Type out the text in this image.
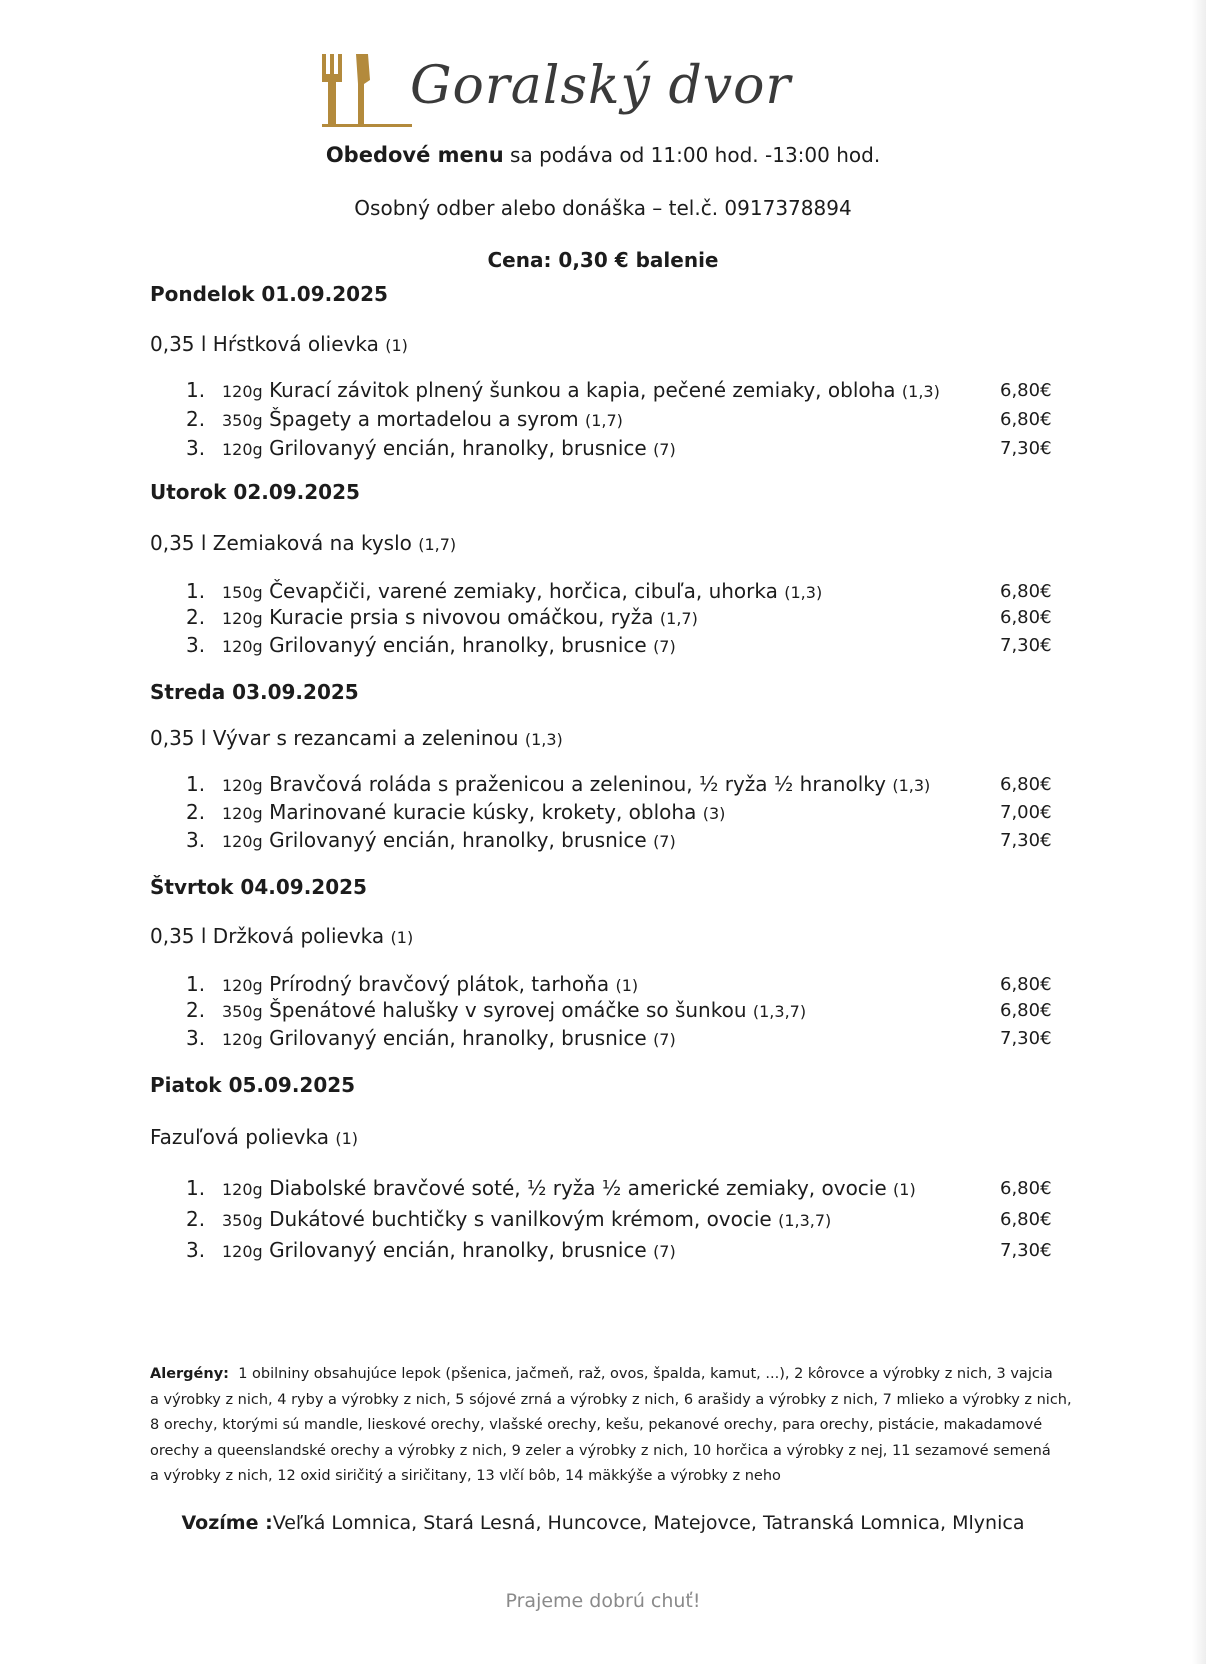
Goralský dvor
Obedové menu sa podáva od 11:00 hod. -13:00 hod.
Osobný odber alebo donáška – tel.č. 0917378894
Cena: 0,30 € balenie
Pondelok 01.09.2025
0,35 l Hŕstková olievka (1)
1.	120g Kurací závitok plnený šunkou a kapia, pečené zemiaky, obloha (1,3)	6,80€
2.	350g Špagety a mortadelou a syrom (1,7)	6,80€
3.	120g Grilovanyý encián, hranolky, brusnice (7)	7,30€
Utorok 02.09.2025
0,35 l Zemiaková na kyslo (1,7)
1.	150g Čevapčiči, varené zemiaky, horčica, cibuľa, uhorka (1,3)	6,80€
2.	120g Kuracie prsia s nivovou omáčkou, ryža (1,7)	6,80€
3.	120g Grilovanyý encián, hranolky, brusnice (7)	7,30€
Streda 03.09.2025
0,35 l Vývar s rezancami a zeleninou (1,3)
1.	120g Bravčová roláda s praženicou a zeleninou, ½ ryža ½ hranolky (1,3)	6,80€
2.	120g Marinované kuracie kúsky, krokety, obloha (3)	7,00€
3.	120g Grilovanyý encián, hranolky, brusnice (7)	7,30€
Štvrtok 04.09.2025
0,35 l Držková polievka (1)
1.	120g Prírodný bravčový plátok, tarhoňa (1)	6,80€
2.	350g Špenátové halušky v syrovej omáčke so šunkou (1,3,7)	6,80€
3.	120g Grilovanyý encián, hranolky, brusnice (7)	7,30€
Piatok 05.09.2025
Fazuľová polievka (1)
1.	120g Diabolské bravčové soté, ½ ryža ½ americké zemiaky, ovocie (1)	6,80€
2.	350g Dukátové buchtičky s vanilkovým krémom, ovocie (1,3,7)	6,80€
3.	120g Grilovanyý encián, hranolky, brusnice (7)	7,30€
Alergény: 1 obilniny obsahujúce lepok (pšenica, jačmeň, raž, ovos, špalda, kamut, ...), 2 kôrovce a výrobky z nich, 3 vajcia
a výrobky z nich, 4 ryby a výrobky z nich, 5 sójové zrná a výrobky z nich, 6 arašidy a výrobky z nich, 7 mlieko a výrobky z nich,
8 orechy, ktorými sú mandle, lieskové orechy, vlašské orechy, kešu, pekanové orechy, para orechy, pistácie, makadamové
orechy a queenslandské orechy a výrobky z nich, 9 zeler a výrobky z nich, 10 horčica a výrobky z nej, 11 sezamové semená
a výrobky z nich, 12 oxid siričitý a siričitany, 13 vlčí bôb, 14 mäkkýše a výrobky z neho
Vozíme :Veľká Lomnica, Stará Lesná, Huncovce, Matejovce, Tatranská Lomnica, Mlynica
Prajeme dobrú chuť!
